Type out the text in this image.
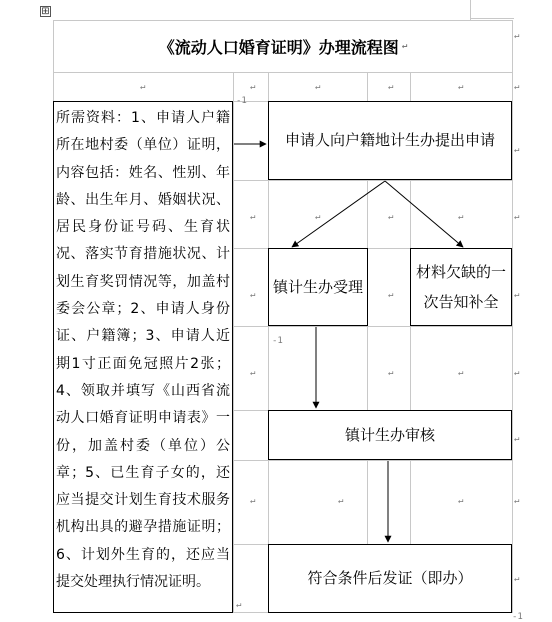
⊞
↵
↵	↵	↵	↵	↵	↵
-1
↵
↵	↵	↵	↵	↵
↵	↵	↵
-1
↵	↵	↵	↵
↵
↵	↵	↵	↵
↵
↵
-1
《流动人口婚育证明》办理流程图 ↵
所需资料：1、申请人户籍所在地村委（单位）证明，内容包括：姓名、性别、年龄、出生年月、婚姻状况、居民身份证号码、生育状况、落实节育措施状况、计划生育奖罚情况等，加盖村委会公章；2、申请人身份证、户籍簿；3、申请人近期1寸正面免冠照片2张；4、领取并填写《山西省流动人口婚育证明申请表》一份，加盖村委（单位）公章；5、已生育子女的，还应当提交计划生育技术服务机构出具的避孕措施证明；6、计划外生育的，还应当提交处理执行情况证明。
申请人向户籍地计生办提出申请
镇计生办受理
材料欠缺的一次告知补全
镇计生办审核
符合条件后发证（即办）
